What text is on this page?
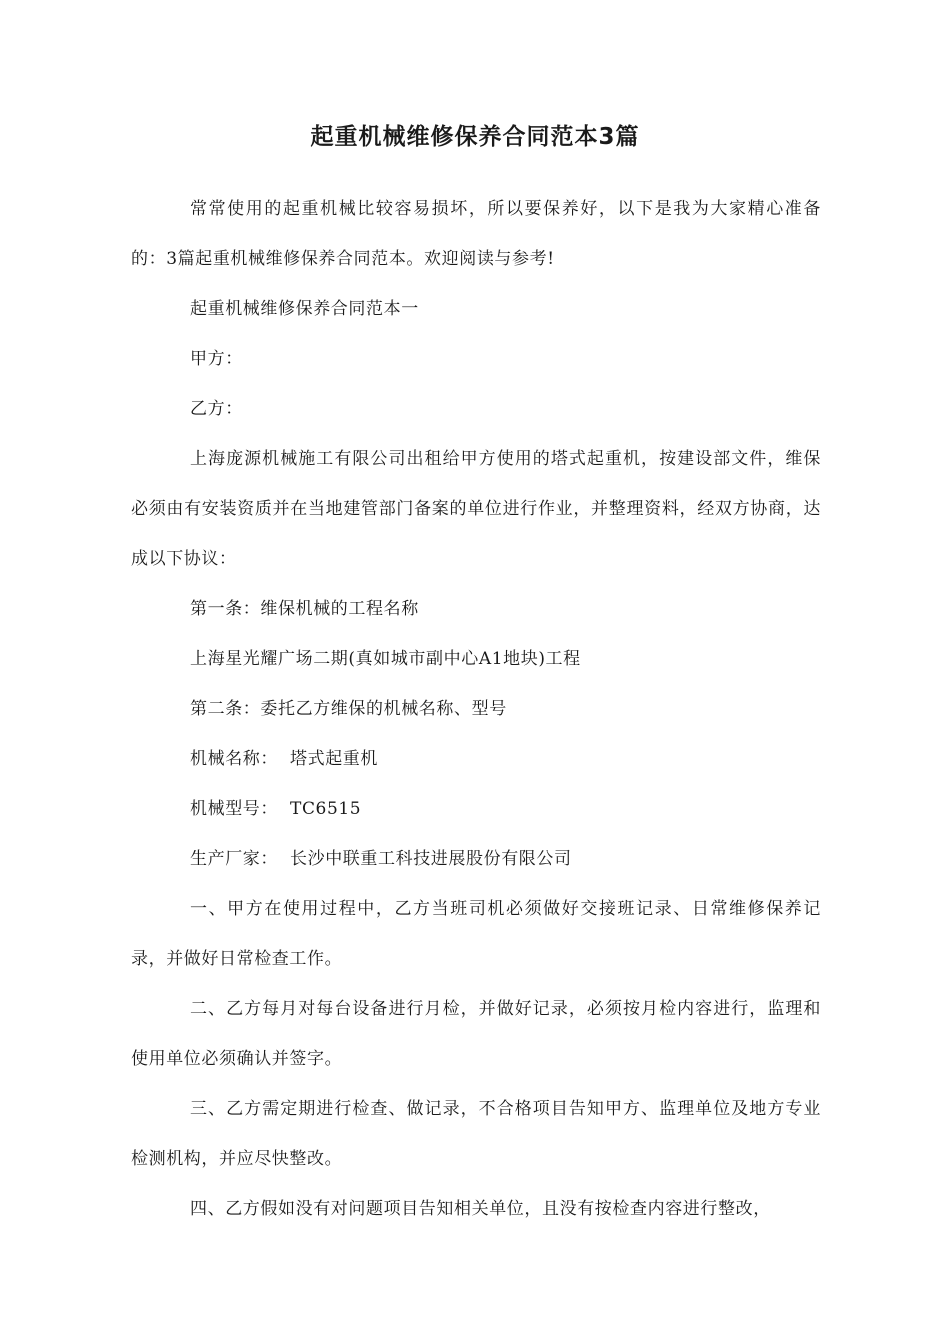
起重机械维修保养合同范本3篇

常常使用的起重机械比较容易损坏，所以要保养好，以下是我为大家精心准备的：3篇起重机械维修保养合同范本。欢迎阅读与参考!

起重机械维修保养合同范本一

甲方：

乙方：

上海庞源机械施工有限公司出租给甲方使用的塔式起重机，按建设部文件，维保必须由有安装资质并在当地建管部门备案的单位进行作业，并整理资料，经双方协商，达成以下协议：

第一条：维保机械的工程名称

上海星光耀广场二期(真如城市副中心A1地块)工程

第二条：委托乙方维保的机械名称、型号

机械名称：  塔式起重机

机械型号：  TC6515

生产厂家：  长沙中联重工科技进展股份有限公司

一、甲方在使用过程中，乙方当班司机必须做好交接班记录、日常维修保养记录，并做好日常检查工作。

二、乙方每月对每台设备进行月检，并做好记录，必须按月检内容进行，监理和使用单位必须确认并签字。

三、乙方需定期进行检查、做记录，不合格项目告知甲方、监理单位及地方专业检测机构，并应尽快整改。

四、乙方假如没有对问题项目告知相关单位，且没有按检查内容进行整改，
